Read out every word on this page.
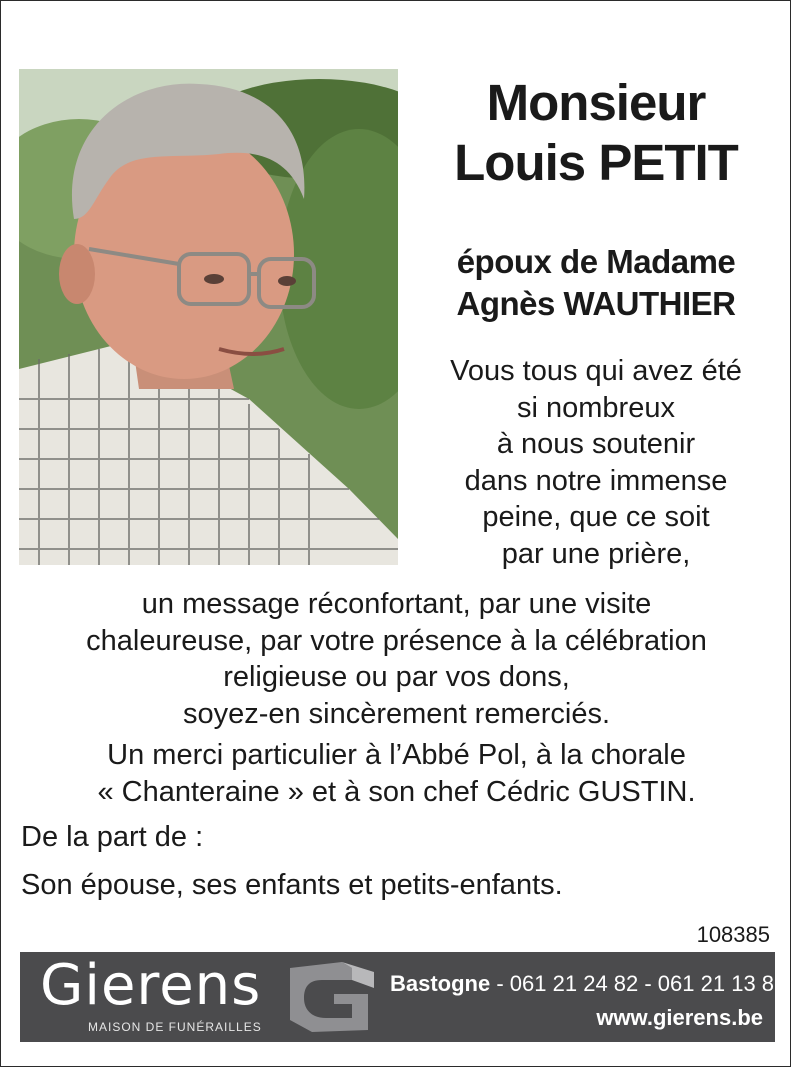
Monsieur
Louis PETIT
époux de Madame
Agnès WAUTHIER
Vous tous qui avez été
si nombreux
à nous soutenir
dans notre immense
peine, que ce soit
par une prière,
un message réconfortant, par une visite
chaleureuse, par votre présence à la célébration
religieuse ou par vos dons,
soyez-en sincèrement remerciés.
Un merci particulier à l’Abbé Pol, à la chorale
« Chanteraine » et à son chef Cédric GUSTIN.
De la part de :
Son épouse, ses enfants et petits-enfants.
108385
Gierens
MAISON DE FUNÉRAILLES
Bastogne - 061 21 24 82 - 061 21 13 87
www.gierens.be
